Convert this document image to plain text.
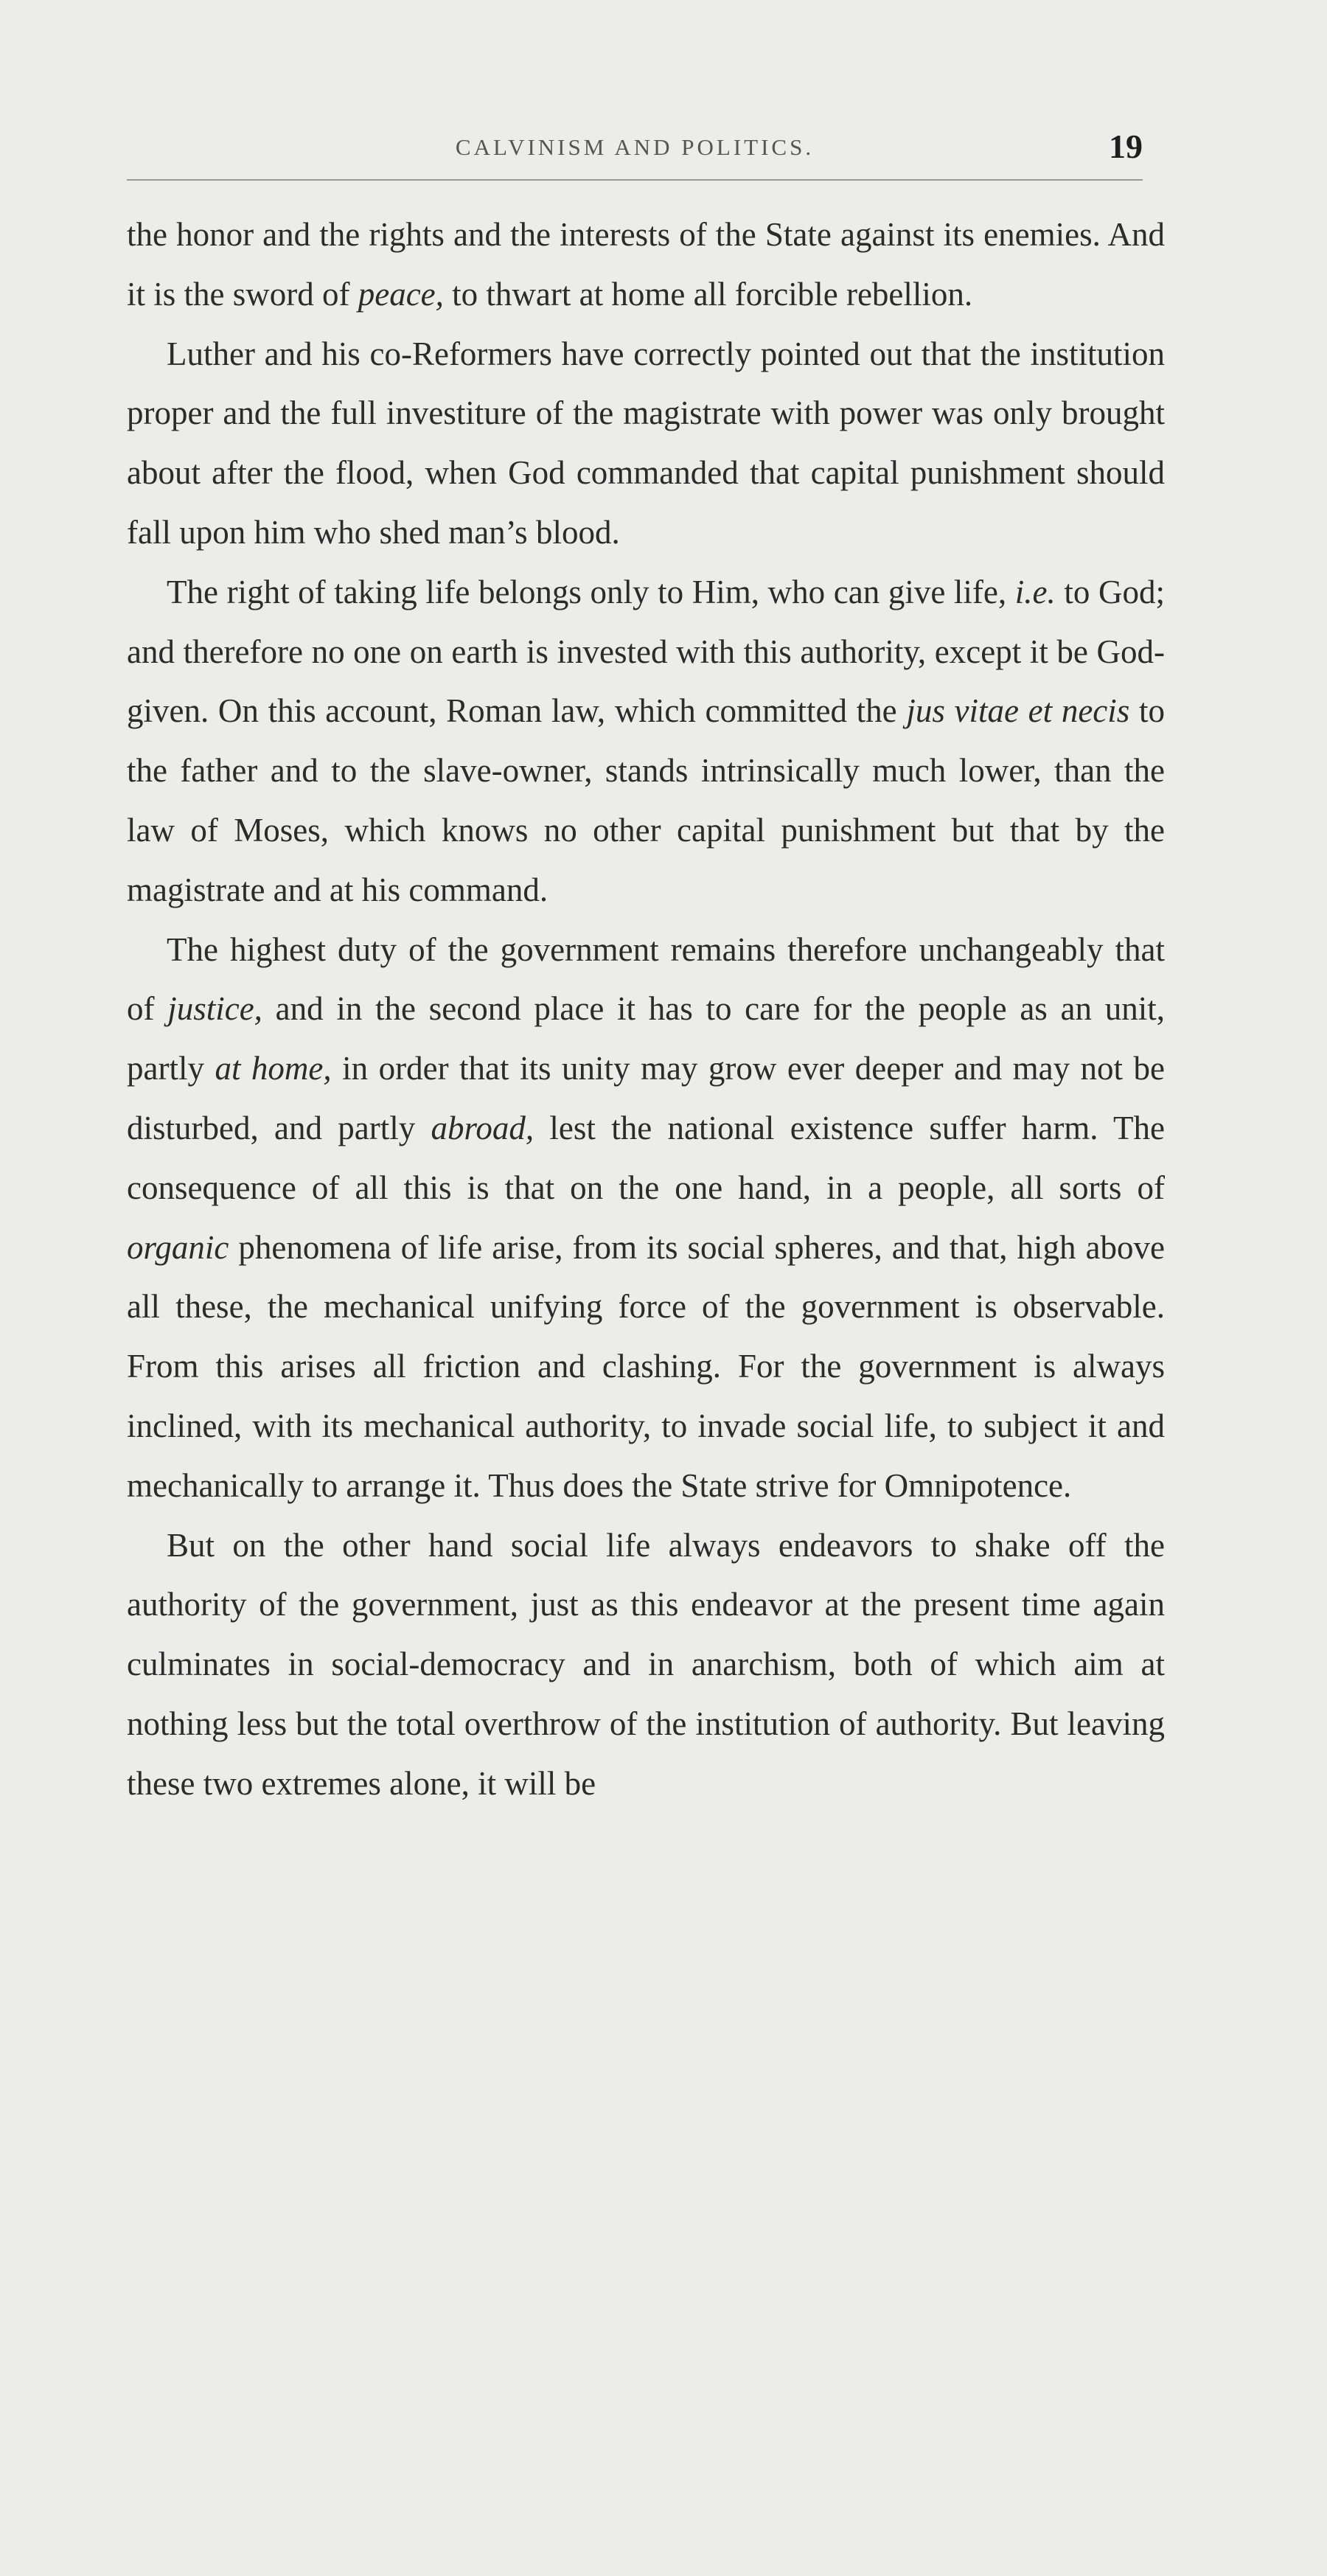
CALVINISM AND POLITICS.	19

the honor and the rights and the interests of the State against its enemies. And it is the sword of peace, to thwart at home all forcible rebellion.

Luther and his co-Reformers have correctly pointed out that the institution proper and the full investiture of the magistrate with power was only brought about after the flood, when God commanded that capital punishment should fall upon him who shed man’s blood.

The right of taking life belongs only to Him, who can give life, i.e. to God; and therefore no one on earth is invested with this authority, except it be God-given. On this account, Roman law, which committed the jus vitae et necis to the father and to the slave-owner, stands intrinsically much lower, than the law of Moses, which knows no other capital punishment but that by the magistrate and at his command.

The highest duty of the government remains therefore unchangeably that of justice, and in the second place it has to care for the people as an unit, partly at home, in order that its unity may grow ever deeper and may not be disturbed, and partly abroad, lest the national existence suffer harm. The consequence of all this is that on the one hand, in a people, all sorts of organic phenomena of life arise, from its social spheres, and that, high above all these, the mechanical unifying force of the government is observable. From this arises all friction and clashing. For the government is always inclined, with its mechanical authority, to invade social life, to subject it and mechanically to arrange it. Thus does the State strive for Omnipotence.

But on the other hand social life always endeavors to shake off the authority of the government, just as this endeavor at the present time again culminates in social-democracy and in anarchism, both of which aim at nothing less but the total overthrow of the institution of authority. But leaving these two extremes alone, it will be
